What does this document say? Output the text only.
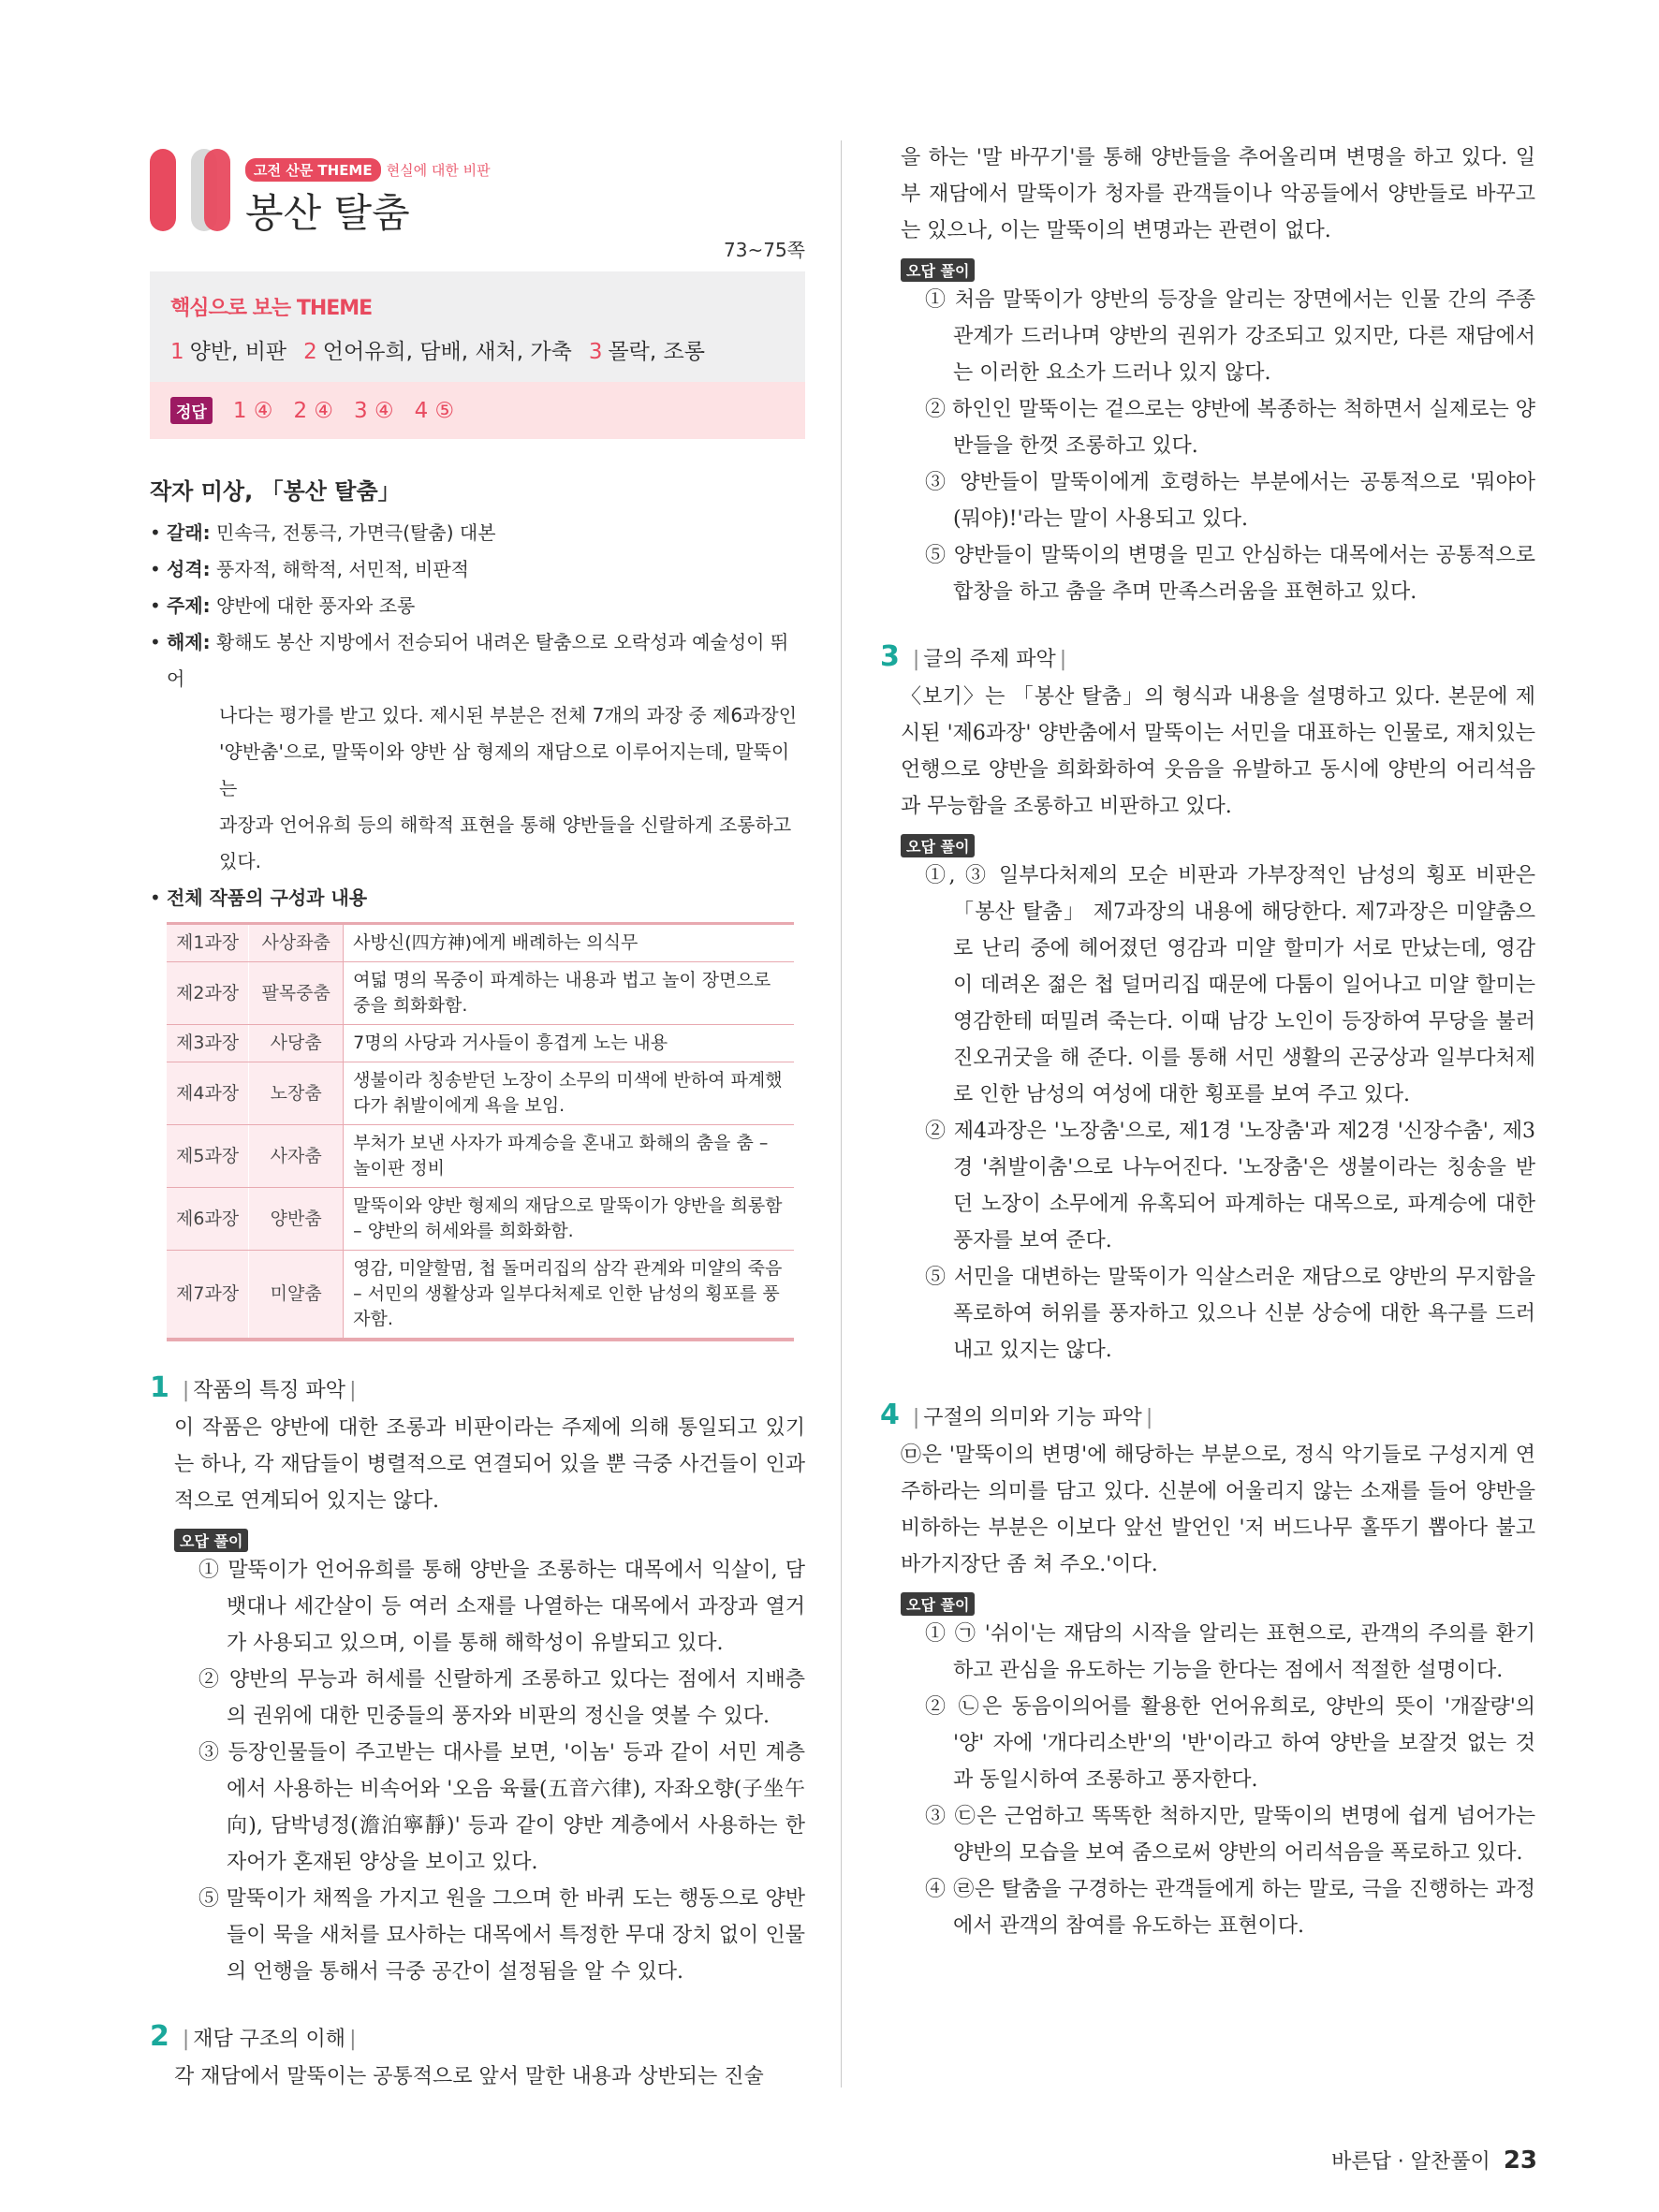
고전 산문 THEME	현실에 대한 비판
봉산 탈춤
73~75쪽
핵심으로 보는 THEME
1 양반, 비판 2 언어유희, 담배, 새처, 가축 3 몰락, 조롱
정답 1 ④ 2 ④ 3 ④ 4 ⑤
작자 미상, 「봉산 탈춤」
• 갈래: 민속극, 전통극, 가면극(탈춤) 대본
• 성격: 풍자적, 해학적, 서민적, 비판적
• 주제: 양반에 대한 풍자와 조롱
• 해제: 황해도 봉산 지방에서 전승되어 내려온 탈춤으로 오락성과 예술성이 뛰어
나다는 평가를 받고 있다. 제시된 부분은 전체 7개의 과장 중 제6과장인
'양반춤'으로, 말뚝이와 양반 삼 형제의 재담으로 이루어지는데, 말뚝이는
과장과 언어유희 등의 해학적 표현을 통해 양반들을 신랄하게 조롱하고
있다.
• 전체 작품의 구성과 내용
제1과장	사상좌춤	사방신(四方神)에게 배례하는 의식무
제2과장	팔목중춤	여덟 명의 목중이 파계하는 내용과 법고 놀이 장면으로 중을 희화화함.
제3과장	사당춤	7명의 사당과 거사들이 흥겹게 노는 내용
제4과장	노장춤	생불이라 칭송받던 노장이 소무의 미색에 반하여 파계했다가 취발이에게 욕을 보임.
제5과장	사자춤	부처가 보낸 사자가 파계승을 혼내고 화해의 춤을 춤 – 놀이판 정비
제6과장	양반춤	말뚝이와 양반 형제의 재담으로 말뚝이가 양반을 희롱함 – 양반의 허세와를 희화화함.
제7과장	미얄춤	영감, 미얄할멈, 첩 돌머리집의 삼각 관계와 미얄의 죽음 – 서민의 생활상과 일부다처제로 인한 남성의 횡포를 풍자함.
1 | 작품의 특징 파악 |
이 작품은 양반에 대한 조롱과 비판이라는 주제에 의해 통일되고 있기는 하나, 각 재담들이 병렬적으로 연결되어 있을 뿐 극중 사건들이 인과적으로 연계되어 있지는 않다.
오답 풀이
① 말뚝이가 언어유희를 통해 양반을 조롱하는 대목에서 익살이, 담뱃대나 세간살이 등 여러 소재를 나열하는 대목에서 과장과 열거가 사용되고 있으며, 이를 통해 해학성이 유발되고 있다.
② 양반의 무능과 허세를 신랄하게 조롱하고 있다는 점에서 지배층의 권위에 대한 민중들의 풍자와 비판의 정신을 엿볼 수 있다.
③ 등장인물들이 주고받는 대사를 보면, '이놈' 등과 같이 서민 계층에서 사용하는 비속어와 '오음 육률(五音六律), 자좌오향(子坐午向), 담박녕정(澹泊寧靜)' 등과 같이 양반 계층에서 사용하는 한자어가 혼재된 양상을 보이고 있다.
⑤ 말뚝이가 채찍을 가지고 원을 그으며 한 바퀴 도는 행동으로 양반들이 묵을 새처를 묘사하는 대목에서 특정한 무대 장치 없이 인물의 언행을 통해서 극중 공간이 설정됨을 알 수 있다.
2 | 재담 구조의 이해 |
각 재담에서 말뚝이는 공통적으로 앞서 말한 내용과 상반되는 진술
을 하는 '말 바꾸기'를 통해 양반들을 추어올리며 변명을 하고 있다. 일부 재담에서 말뚝이가 청자를 관객들이나 악공들에서 양반들로 바꾸고는 있으나, 이는 말뚝이의 변명과는 관련이 없다.
오답 풀이
① 처음 말뚝이가 양반의 등장을 알리는 장면에서는 인물 간의 주종 관계가 드러나며 양반의 권위가 강조되고 있지만, 다른 재담에서는 이러한 요소가 드러나 있지 않다.
② 하인인 말뚝이는 겉으로는 양반에 복종하는 척하면서 실제로는 양반들을 한껏 조롱하고 있다.
③ 양반들이 말뚝이에게 호령하는 부분에서는 공통적으로 '뭐야아(뭐야)!'라는 말이 사용되고 있다.
⑤ 양반들이 말뚝이의 변명을 믿고 안심하는 대목에서는 공통적으로 합창을 하고 춤을 추며 만족스러움을 표현하고 있다.
3 | 글의 주제 파악 |
〈보기〉는 「봉산 탈춤」의 형식과 내용을 설명하고 있다. 본문에 제시된 '제6과장' 양반춤에서 말뚝이는 서민을 대표하는 인물로, 재치있는 언행으로 양반을 희화화하여 웃음을 유발하고 동시에 양반의 어리석음과 무능함을 조롱하고 비판하고 있다.
오답 풀이
①, ③ 일부다처제의 모순 비판과 가부장적인 남성의 횡포 비판은 「봉산 탈춤」 제7과장의 내용에 해당한다. 제7과장은 미얄춤으로 난리 중에 헤어졌던 영감과 미얄 할미가 서로 만났는데, 영감이 데려온 젊은 첩 덜머리집 때문에 다툼이 일어나고 미얄 할미는 영감한테 떠밀려 죽는다. 이때 남강 노인이 등장하여 무당을 불러 진오귀굿을 해 준다. 이를 통해 서민 생활의 곤궁상과 일부다처제로 인한 남성의 여성에 대한 횡포를 보여 주고 있다.
② 제4과장은 '노장춤'으로, 제1경 '노장춤'과 제2경 '신장수춤', 제3경 '취발이춤'으로 나누어진다. '노장춤'은 생불이라는 칭송을 받던 노장이 소무에게 유혹되어 파계하는 대목으로, 파계승에 대한 풍자를 보여 준다.
⑤ 서민을 대변하는 말뚝이가 익살스러운 재담으로 양반의 무지함을 폭로하여 허위를 풍자하고 있으나 신분 상승에 대한 욕구를 드러내고 있지는 않다.
4 | 구절의 의미와 기능 파악 |
㉤은 '말뚝이의 변명'에 해당하는 부분으로, 정식 악기들로 구성지게 연주하라는 의미를 담고 있다. 신분에 어울리지 않는 소재를 들어 양반을 비하하는 부분은 이보다 앞선 발언인 '저 버드나무 홀뚜기 뽑아다 불고 바가지장단 좀 쳐 주오.'이다.
오답 풀이
① ㉠ '쉬이'는 재담의 시작을 알리는 표현으로, 관객의 주의를 환기하고 관심을 유도하는 기능을 한다는 점에서 적절한 설명이다.
② ㉡은 동음이의어를 활용한 언어유희로, 양반의 뜻이 '개잘량'의 '양' 자에 '개다리소반'의 '반'이라고 하여 양반을 보잘것 없는 것과 동일시하여 조롱하고 풍자한다.
③ ㉢은 근엄하고 똑똑한 척하지만, 말뚝이의 변명에 쉽게 넘어가는 양반의 모습을 보여 줌으로써 양반의 어리석음을 폭로하고 있다.
④ ㉣은 탈춤을 구경하는 관객들에게 하는 말로, 극을 진행하는 과정에서 관객의 참여를 유도하는 표현이다.
바른답 · 알찬풀이 23
